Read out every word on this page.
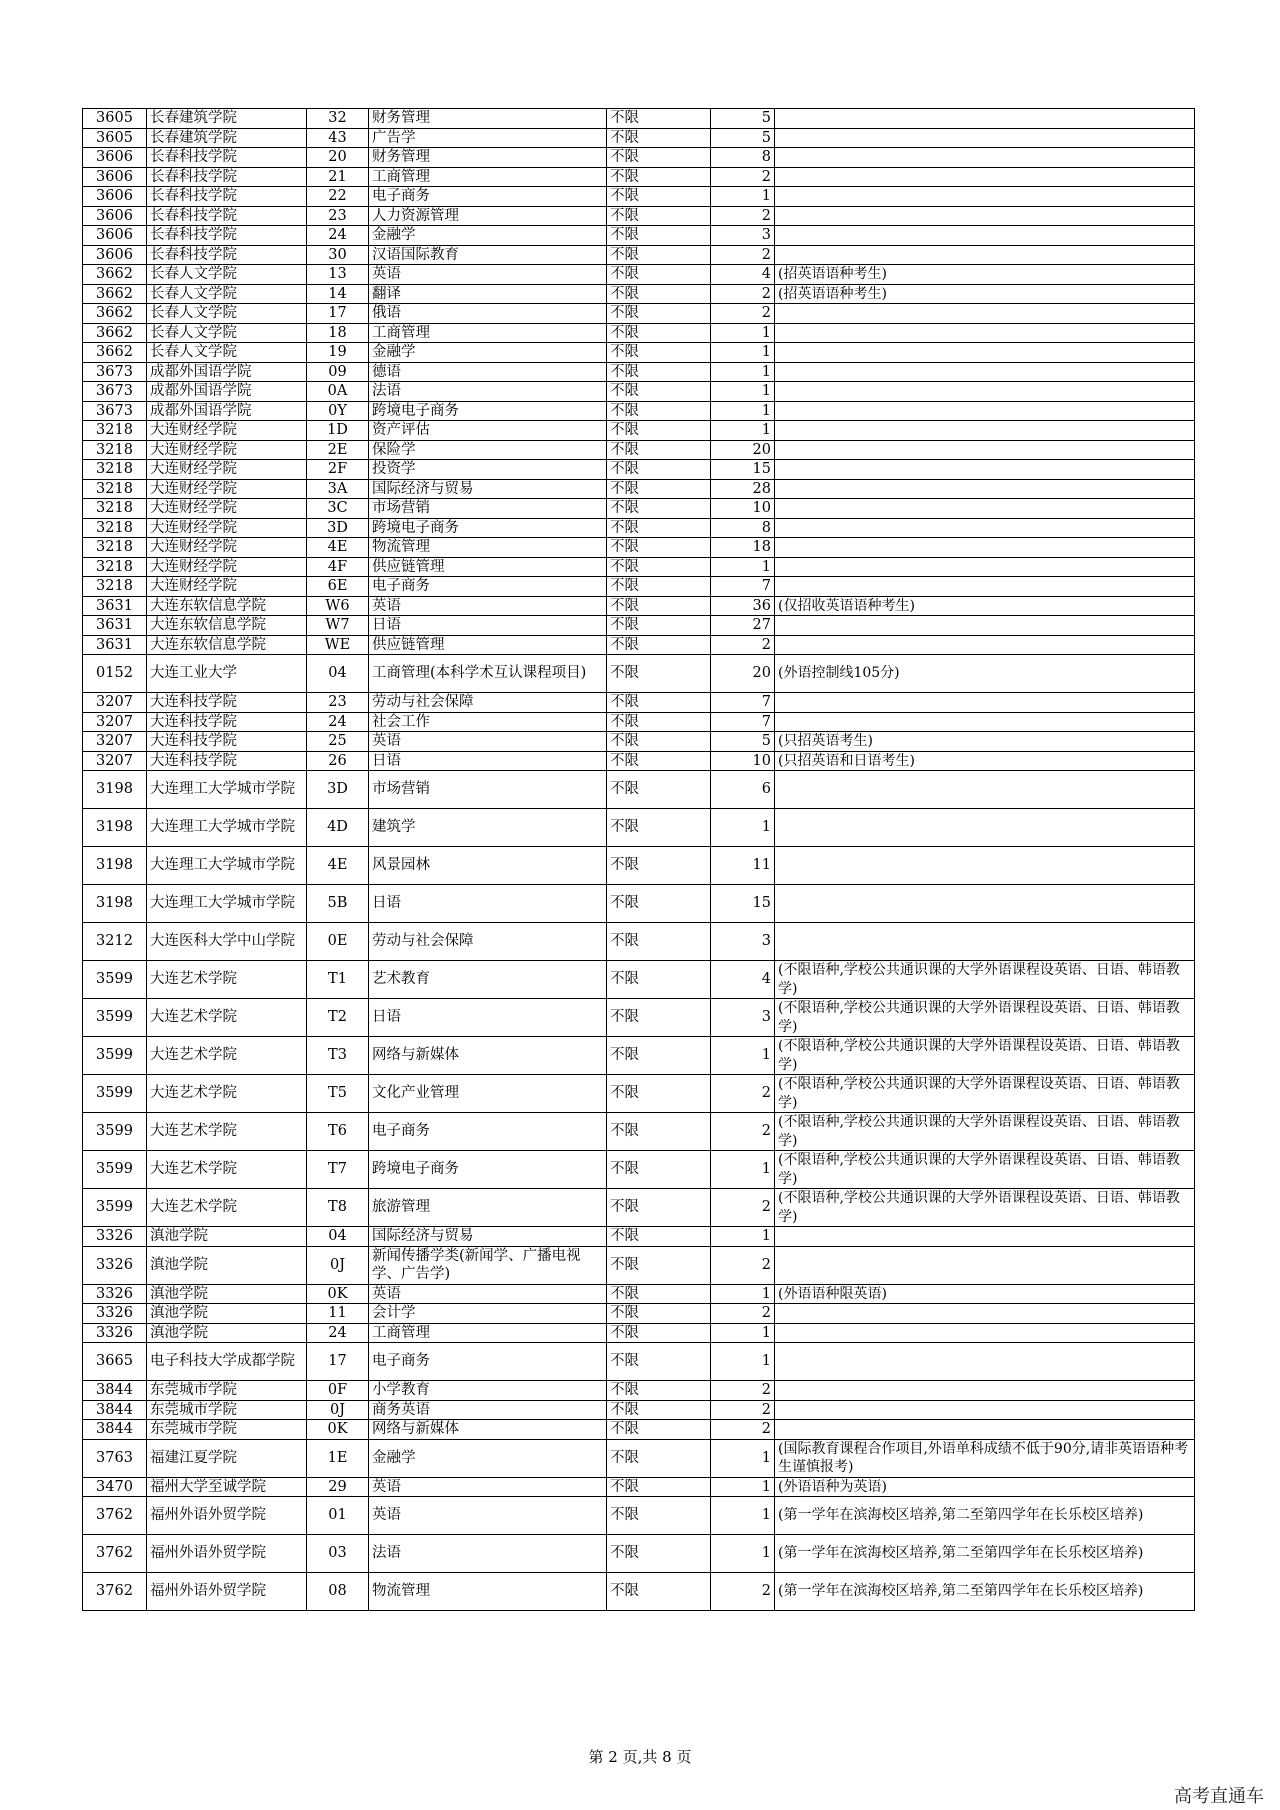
3605	长春建筑学院	32	财务管理	不限	5	
3605	长春建筑学院	43	广告学	不限	5	
3606	长春科技学院	20	财务管理	不限	8	
3606	长春科技学院	21	工商管理	不限	2	
3606	长春科技学院	22	电子商务	不限	1	
3606	长春科技学院	23	人力资源管理	不限	2	
3606	长春科技学院	24	金融学	不限	3	
3606	长春科技学院	30	汉语国际教育	不限	2	
3662	长春人文学院	13	英语	不限	4	(招英语语种考生)
3662	长春人文学院	14	翻译	不限	2	(招英语语种考生)
3662	长春人文学院	17	俄语	不限	2	
3662	长春人文学院	18	工商管理	不限	1	
3662	长春人文学院	19	金融学	不限	1	
3673	成都外国语学院	09	德语	不限	1	
3673	成都外国语学院	0A	法语	不限	1	
3673	成都外国语学院	0Y	跨境电子商务	不限	1	
3218	大连财经学院	1D	资产评估	不限	1	
3218	大连财经学院	2E	保险学	不限	20	
3218	大连财经学院	2F	投资学	不限	15	
3218	大连财经学院	3A	国际经济与贸易	不限	28	
3218	大连财经学院	3C	市场营销	不限	10	
3218	大连财经学院	3D	跨境电子商务	不限	8	
3218	大连财经学院	4E	物流管理	不限	18	
3218	大连财经学院	4F	供应链管理	不限	1	
3218	大连财经学院	6E	电子商务	不限	7	
3631	大连东软信息学院	W6	英语	不限	36	(仅招收英语语种考生)
3631	大连东软信息学院	W7	日语	不限	27	
3631	大连东软信息学院	WE	供应链管理	不限	2	
0152	大连工业大学	04	工商管理(本科学术互认课程项目)	不限	20	(外语控制线105分)
3207	大连科技学院	23	劳动与社会保障	不限	7	
3207	大连科技学院	24	社会工作	不限	7	
3207	大连科技学院	25	英语	不限	5	(只招英语考生)
3207	大连科技学院	26	日语	不限	10	(只招英语和日语考生)
3198	大连理工大学城市学院	3D	市场营销	不限	6	
3198	大连理工大学城市学院	4D	建筑学	不限	1	
3198	大连理工大学城市学院	4E	风景园林	不限	11	
3198	大连理工大学城市学院	5B	日语	不限	15	
3212	大连医科大学中山学院	0E	劳动与社会保障	不限	3	
3599	大连艺术学院	T1	艺术教育	不限	4	(不限语种,学校公共通识课的大学外语课程设英语、日语、韩语教学)
3599	大连艺术学院	T2	日语	不限	3	(不限语种,学校公共通识课的大学外语课程设英语、日语、韩语教学)
3599	大连艺术学院	T3	网络与新媒体	不限	1	(不限语种,学校公共通识课的大学外语课程设英语、日语、韩语教学)
3599	大连艺术学院	T5	文化产业管理	不限	2	(不限语种,学校公共通识课的大学外语课程设英语、日语、韩语教学)
3599	大连艺术学院	T6	电子商务	不限	2	(不限语种,学校公共通识课的大学外语课程设英语、日语、韩语教学)
3599	大连艺术学院	T7	跨境电子商务	不限	1	(不限语种,学校公共通识课的大学外语课程设英语、日语、韩语教学)
3599	大连艺术学院	T8	旅游管理	不限	2	(不限语种,学校公共通识课的大学外语课程设英语、日语、韩语教学)
3326	滇池学院	04	国际经济与贸易	不限	1	
3326	滇池学院	0J	新闻传播学类(新闻学、广播电视学、广告学)	不限	2	
3326	滇池学院	0K	英语	不限	1	(外语语种限英语)
3326	滇池学院	11	会计学	不限	2	
3326	滇池学院	24	工商管理	不限	1	
3665	电子科技大学成都学院	17	电子商务	不限	1	
3844	东莞城市学院	0F	小学教育	不限	2	
3844	东莞城市学院	0J	商务英语	不限	2	
3844	东莞城市学院	0K	网络与新媒体	不限	2	
3763	福建江夏学院	1E	金融学	不限	1	(国际教育课程合作项目,外语单科成绩不低于90分,请非英语语种考生谨慎报考)
3470	福州大学至诚学院	29	英语	不限	1	(外语语种为英语)
3762	福州外语外贸学院	01	英语	不限	1	(第一学年在滨海校区培养,第二至第四学年在长乐校区培养)
3762	福州外语外贸学院	03	法语	不限	1	(第一学年在滨海校区培养,第二至第四学年在长乐校区培养)
3762	福州外语外贸学院	08	物流管理	不限	2	(第一学年在滨海校区培养,第二至第四学年在长乐校区培养)
第 2 页,共 8 页
高考直通车
